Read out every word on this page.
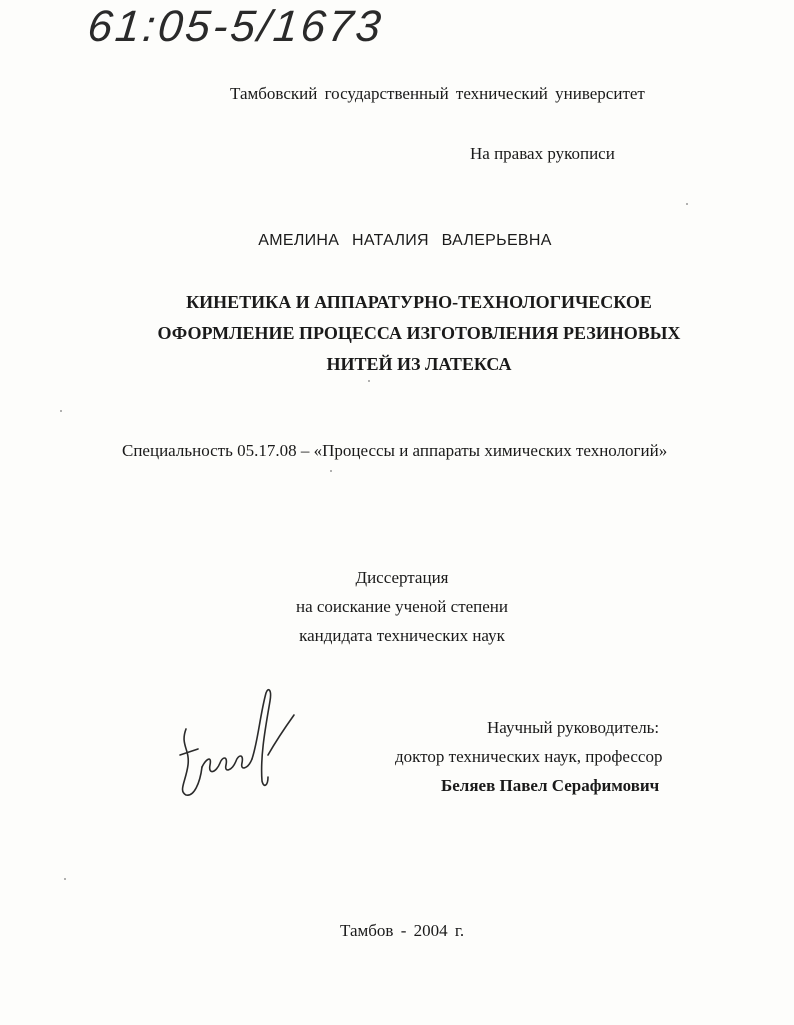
61:05-5/1673
Тамбовский государственный технический университет
На правах рукописи
АМЕЛИНА НАТАЛИЯ ВАЛЕРЬЕВНА
КИНЕТИКА И АППАРАТУРНО-ТЕХНОЛОГИЧЕСКОЕ
ОФОРМЛЕНИЕ ПРОЦЕССА ИЗГОТОВЛЕНИЯ РЕЗИНОВЫХ
НИТЕЙ ИЗ ЛАТЕКСА
Специальность 05.17.08 – «Процессы и аппараты химических технологий»
Диссертация
на соискание ученой степени
кандидата технических наук
Научный руководитель:
доктор технических наук, профессор
Беляев Павел Серафимович
Тамбов - 2004 г.
